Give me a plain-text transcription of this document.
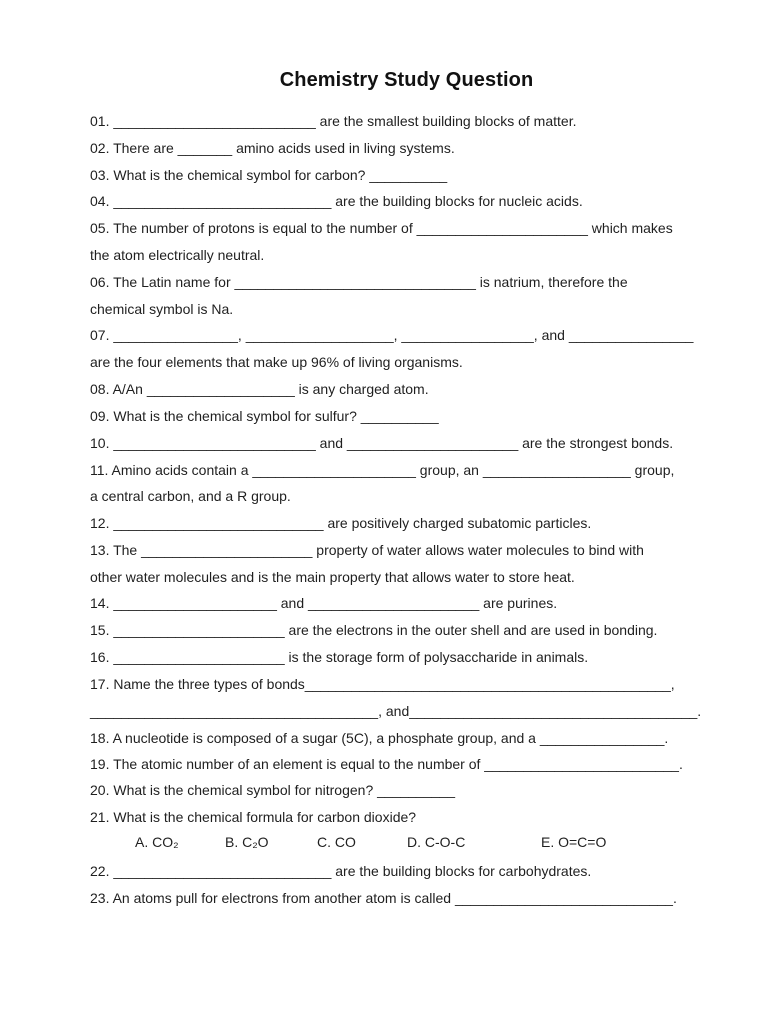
Chemistry Study Question
01. __________________________ are the smallest building blocks of matter.
02. There are _______ amino acids used in living systems.
03. What is the chemical symbol for carbon? __________
04. ____________________________ are the building blocks for nucleic acids.
05. The number of protons is equal to the number of ______________________ which makes
the atom electrically neutral.
06. The Latin name for _______________________________ is natrium, therefore the
chemical symbol is Na.
07. ________________, ___________________, _________________, and ________________
are the four elements that make up 96% of living organisms.
08. A/An ___________________ is any charged atom.
09. What is the chemical symbol for sulfur? __________
10. __________________________ and ______________________ are the strongest bonds.
11. Amino acids contain a _____________________ group, an ___________________ group,
a central carbon, and a R group.
12. ___________________________ are positively charged subatomic particles.
13. The ______________________ property of water allows water molecules to bind with
other water molecules and is the main property that allows water to store heat.
14. _____________________ and ______________________ are purines.
15. ______________________ are the electrons in the outer shell and are used in bonding.
16. ______________________ is the storage form of polysaccharide in animals.
17. Name the three types of bonds_______________________________________________,
_____________________________________, and_____________________________________.
18. A nucleotide is composed of a sugar (5C), a phosphate group, and a ________________.
19. The atomic number of an element is equal to the number of _________________________.
20. What is the chemical symbol for nitrogen? __________
21. What is the chemical formula for carbon dioxide?
A. CO₂	B. C₂O	C. CO	D. C-O-C	E. O=C=O
22. ____________________________ are the building blocks for carbohydrates.
23. An atoms pull for electrons from another atom is called ____________________________.
